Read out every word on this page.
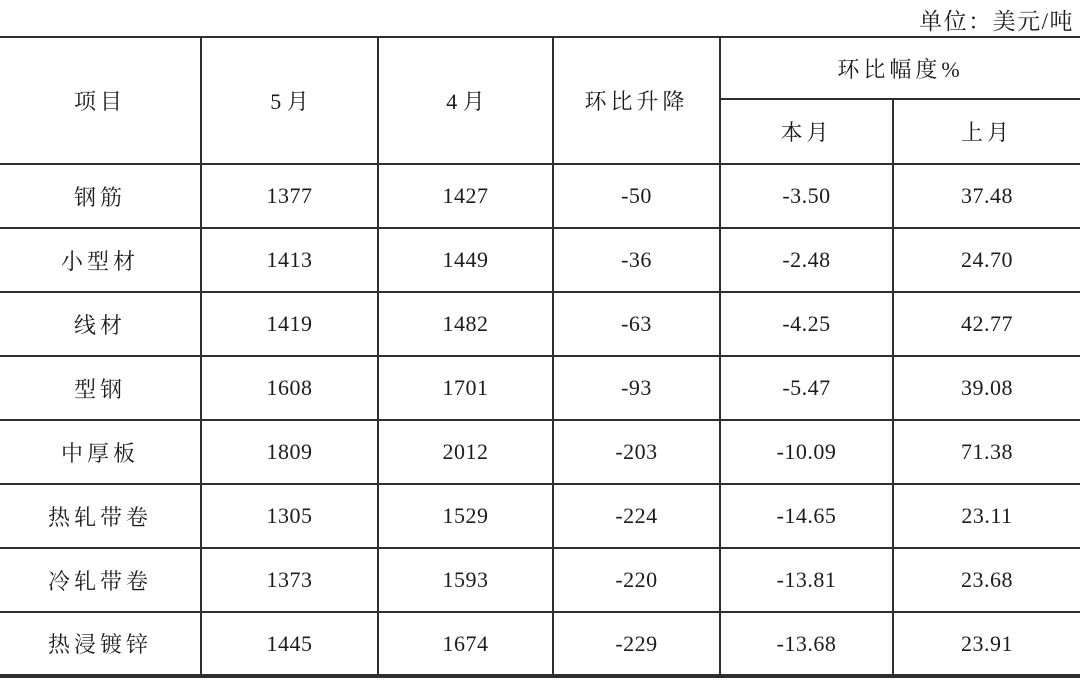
单位：美元/吨
项目	5 月	4 月	环比升降	环比幅度%	
				本月	上月
钢筋	1377	1427	-50	-3.50	37.48
小型材	1413	1449	-36	-2.48	24.70
线材	1419	1482	-63	-4.25	42.77
型钢	1608	1701	-93	-5.47	39.08
中厚板	1809	2012	-203	-10.09	71.38
热轧带卷	1305	1529	-224	-14.65	23.11
冷轧带卷	1373	1593	-220	-13.81	23.68
热浸镀锌	1445	1674	-229	-13.68	23.91
